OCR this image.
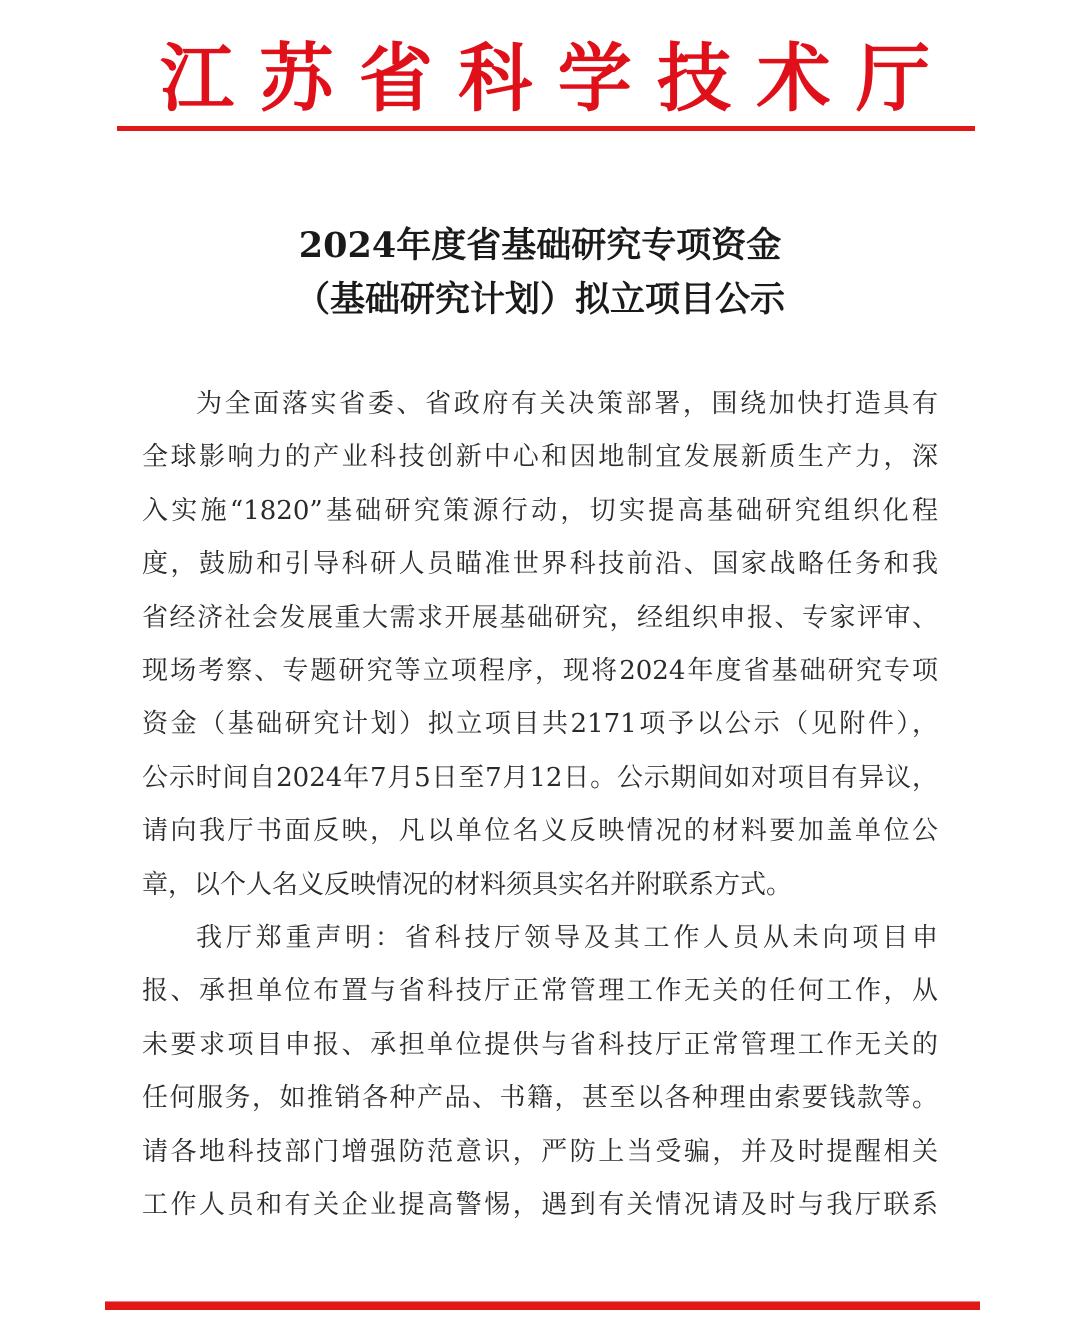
江 苏 省 科 学 技 术 厅
2024年度省基础研究专项资金
（基础研究计划）拟立项目公示
为全面落实省委、省政府有关决策部署，围绕加快打造具有
全球影响力的产业科技创新中心和因地制宜发展新质生产力，深
入实施“1820”基础研究策源行动，切实提高基础研究组织化程
度，鼓励和引导科研人员瞄准世界科技前沿、国家战略任务和我
省经济社会发展重大需求开展基础研究，经组织申报、专家评审、
现场考察、专题研究等立项程序，现将2024年度省基础研究专项
资金（基础研究计划）拟立项目共2171项予以公示（见附件），
公示时间自2024年7月5日至7月12日。公示期间如对项目有异议，
请向我厅书面反映，凡以单位名义反映情况的材料要加盖单位公
章，以个人名义反映情况的材料须具实名并附联系方式。
我厅郑重声明：省科技厅领导及其工作人员从未向项目申
报、承担单位布置与省科技厅正常管理工作无关的任何工作，从
未要求项目申报、承担单位提供与省科技厅正常管理工作无关的
任何服务，如推销各种产品、书籍，甚至以各种理由索要钱款等。
请各地科技部门增强防范意识，严防上当受骗，并及时提醒相关
工作人员和有关企业提高警惕，遇到有关情况请及时与我厅联系
